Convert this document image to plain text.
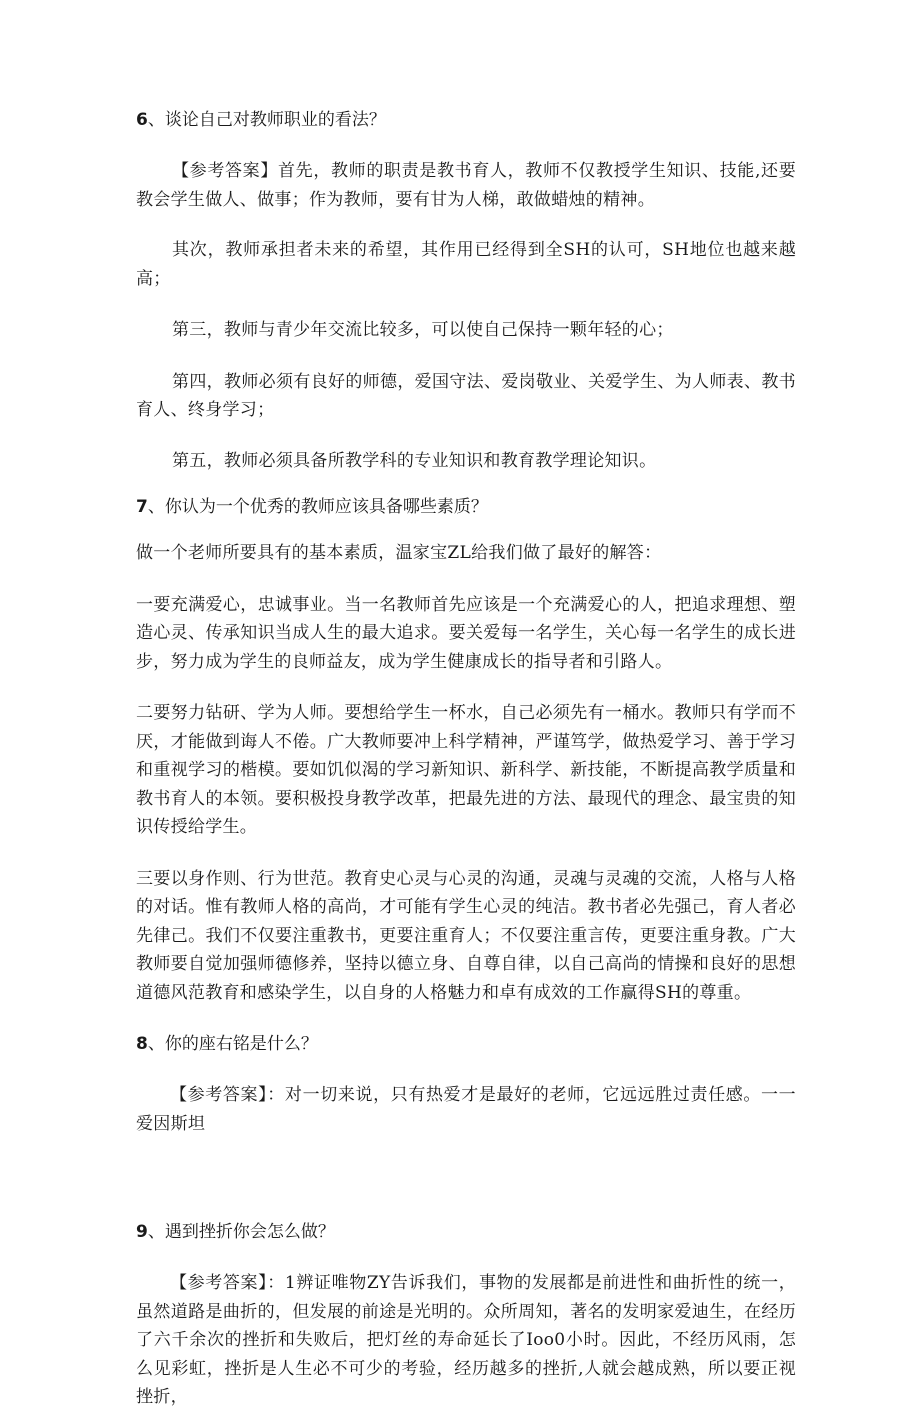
6、谈论自己对教师职业的看法？

【参考答案】首先，教师的职责是教书育人，教师不仅教授学生知识、技能,还要教会学生做人、做事；作为教师，要有甘为人梯，敢做蜡烛的精神。

其次，教师承担者未来的希望，其作用已经得到全SH的认可，SH地位也越来越高；

第三，教师与青少年交流比较多，可以使自己保持一颗年轻的心；

第四，教师必须有良好的师德，爱国守法、爱岗敬业、关爱学生、为人师表、教书育人、终身学习；

第五，教师必须具备所教学科的专业知识和教育教学理论知识。

7、你认为一个优秀的教师应该具备哪些素质？

做一个老师所要具有的基本素质，温家宝ZL给我们做了最好的解答：

一要充满爱心，忠诚事业。当一名教师首先应该是一个充满爱心的人，把追求理想、塑造心灵、传承知识当成人生的最大追求。要关爱每一名学生，关心每一名学生的成长进步，努力成为学生的良师益友，成为学生健康成长的指导者和引路人。

二要努力钻研、学为人师。要想给学生一杯水，自己必须先有一桶水。教师只有学而不厌，才能做到诲人不倦。广大教师要冲上科学精神，严谨笃学，做热爱学习、善于学习和重视学习的楷模。要如饥似渴的学习新知识、新科学、新技能，不断提高教学质量和教书育人的本领。要积极投身教学改革，把最先进的方法、最现代的理念、最宝贵的知识传授给学生。

三要以身作则、行为世范。教育史心灵与心灵的沟通，灵魂与灵魂的交流，人格与人格的对话。惟有教师人格的高尚，才可能有学生心灵的纯洁。教书者必先强己，育人者必先律己。我们不仅要注重教书，更要注重育人；不仅要注重言传，更要注重身教。广大教师要自觉加强师德修养，坚持以德立身、自尊自律，以自己高尚的情操和良好的思想道德风范教育和感染学生，以自身的人格魅力和卓有成效的工作赢得SH的尊重。

8、你的座右铭是什么？

【参考答案】：对一切来说，只有热爱才是最好的老师，它远远胜过责任感。一一爱因斯坦

9、遇到挫折你会怎么做？

【参考答案】：1辨证唯物ZY告诉我们，事物的发展都是前进性和曲折性的统一，虽然道路是曲折的，但发展的前途是光明的。众所周知，著名的发明家爱迪生，在经历了六千余次的挫折和失败后，把灯丝的寿命延长了Ioo0小时。因此，不经历风雨，怎么见彩虹，挫折是人生必不可少的考验，经历越多的挫折,人就会越成熟，所以要正视挫折，
